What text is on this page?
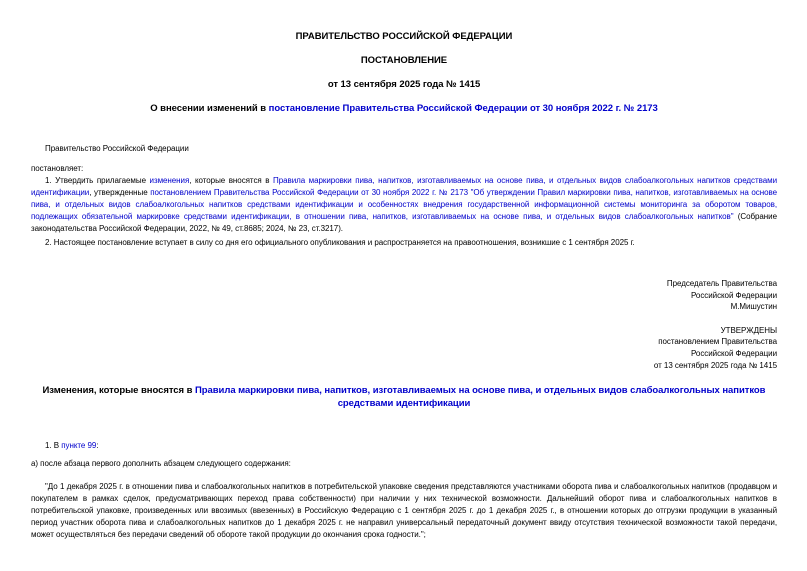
ПРАВИТЕЛЬСТВО РОССИЙСКОЙ ФЕДЕРАЦИИ
ПОСТАНОВЛЕНИЕ
от 13 сентября 2025 года № 1415
О внесении изменений в постановление Правительства Российской Федерации от 30 ноября 2022 г. № 2173

Правительство Российской Федерации

постановляет:

1. Утвердить прилагаемые изменения, которые вносятся в Правила маркировки пива, напитков, изготавливаемых на основе пива, и отдельных видов слабоалкогольных напитков средствами идентификации, утвержденные постановлением Правительства Российской Федерации от 30 ноября 2022 г. № 2173 "Об утверждении Правил маркировки пива, напитков, изготавливаемых на основе пива, и отдельных видов слабоалкогольных напитков средствами идентификации и особенностях внедрения государственной информационной системы мониторинга за оборотом товаров, подлежащих обязательной маркировке средствами идентификации, в отношении пива, напитков, изготавливаемых на основе пива, и отдельных видов слабоалкогольных напитков" (Собрание законодательства Российской Федерации, 2022, № 49, ст.8685; 2024, № 23, ст.3217).

2. Настоящее постановление вступает в силу со дня его официального опубликования и распространяется на правоотношения, возникшие с 1 сентября 2025 г.

Председатель Правительства
Российской Федерации
М.Мишустин
УТВЕРЖДЕНЫ
постановлением Правительства
Российской Федерации
от 13 сентября 2025 года № 1415
Изменения, которые вносятся в Правила маркировки пива, напитков, изготавливаемых на основе пива, и отдельных видов слабоалкогольных напитков средствами идентификации

1. В пункте 99:

а) после абзаца первого дополнить абзацем следующего содержания:

"До 1 декабря 2025 г. в отношении пива и слабоалкогольных напитков в потребительской упаковке сведения представляются участниками оборота пива и слабоалкогольных напитков (продавцом и покупателем в рамках сделок, предусматривающих переход права собственности) при наличии у них технической возможности. Дальнейший оборот пива и слабоалкогольных напитков в потребительской упаковке, произведенных или ввозимых (ввезенных) в Российскую Федерацию с 1 сентября 2025 г. до 1 декабря 2025 г., в отношении которых до отгрузки продукции в указанный период участник оборота пива и слабоалкогольных напитков до 1 декабря 2025 г. не направил универсальный передаточный документ ввиду отсутствия технической возможности такой передачи, может осуществляться без передачи сведений об обороте такой продукции до окончания срока годности.";
